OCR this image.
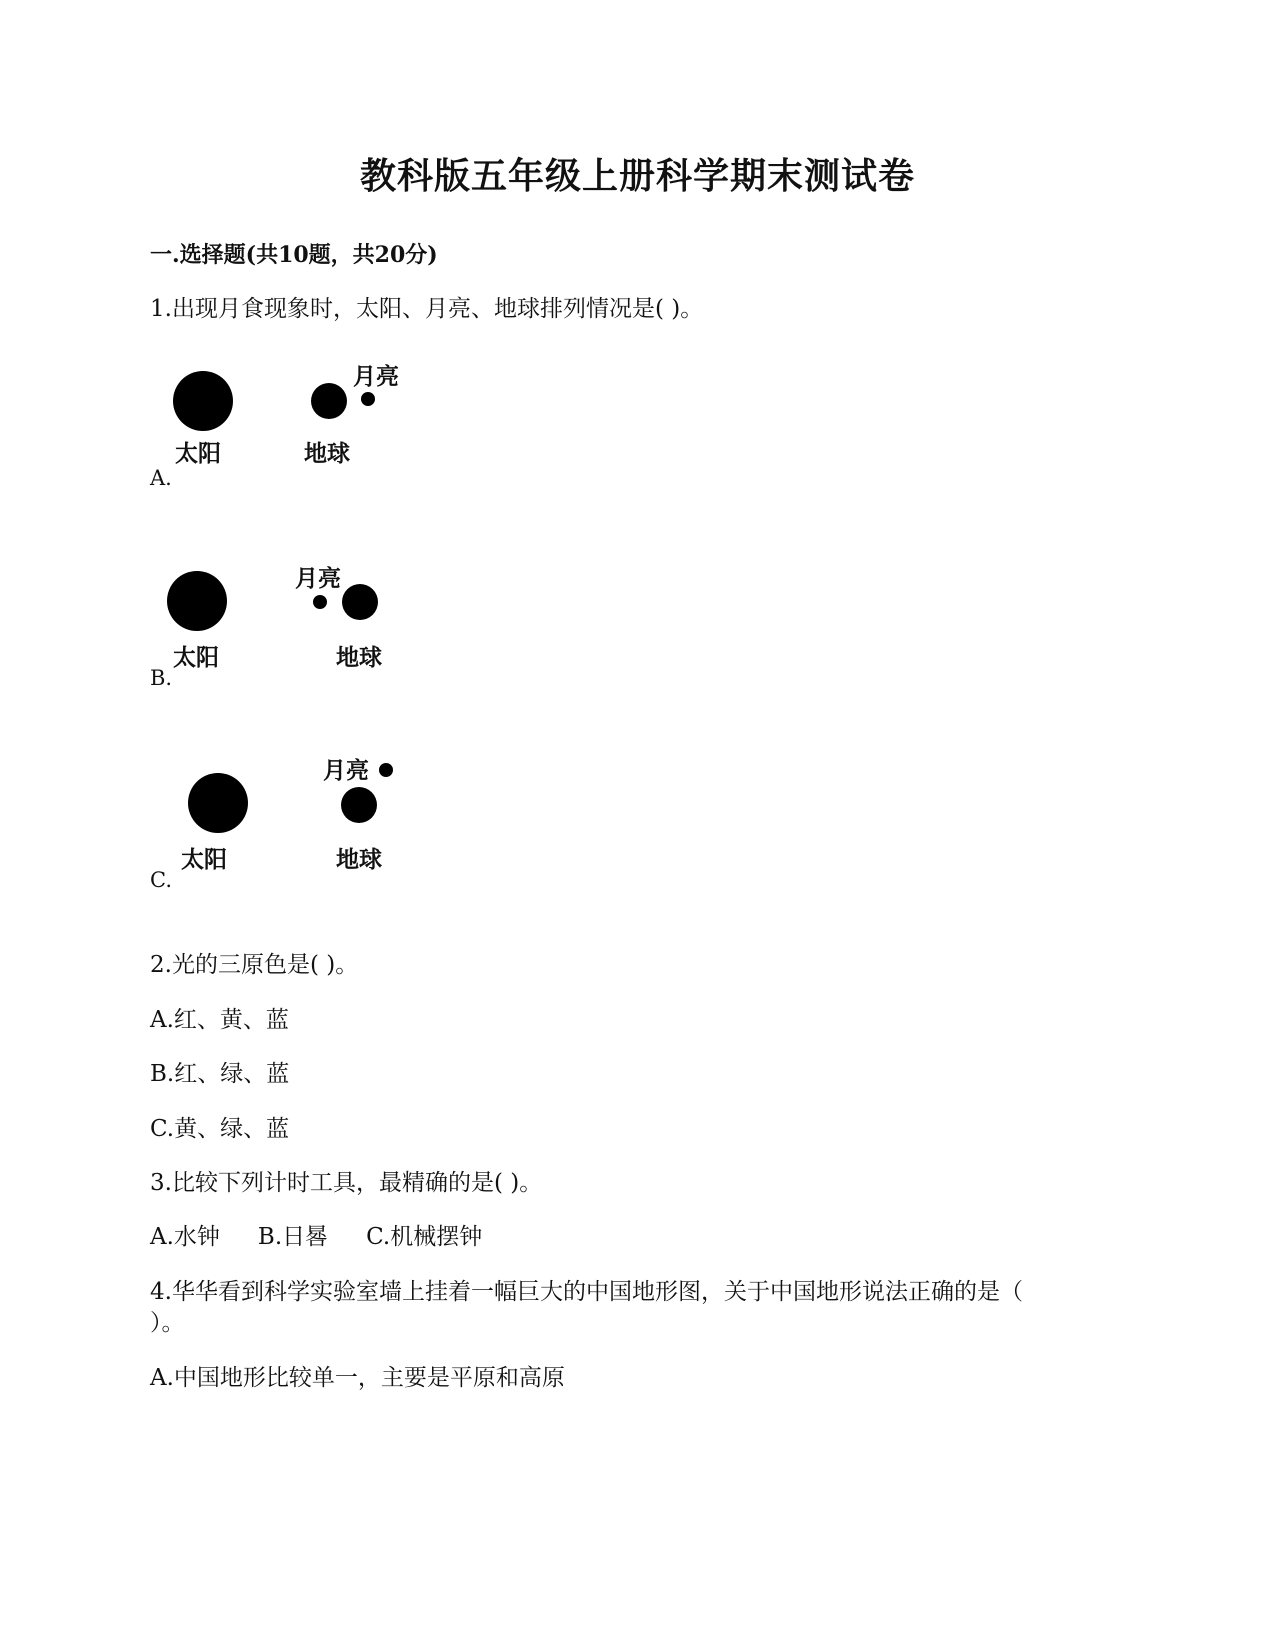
教科版五年级上册科学期末测试卷
一.选择题(共10题，共20分)
1.出现月食现象时，太阳、月亮、地球排列情况是( )。
月亮
太阳	地球
A.
月亮
太阳	地球
B.
月亮
太阳	地球
C.
2.光的三原色是( )。
A.红、黄、蓝
B.红、绿、蓝
C.黄、绿、蓝
3.比较下列计时工具，最精确的是( )。
A.水钟 B.日晷 C.机械摆钟
4.华华看到科学实验室墙上挂着一幅巨大的中国地形图，关于中国地形说法正确的是（
）。
A.中国地形比较单一，主要是平原和高原
